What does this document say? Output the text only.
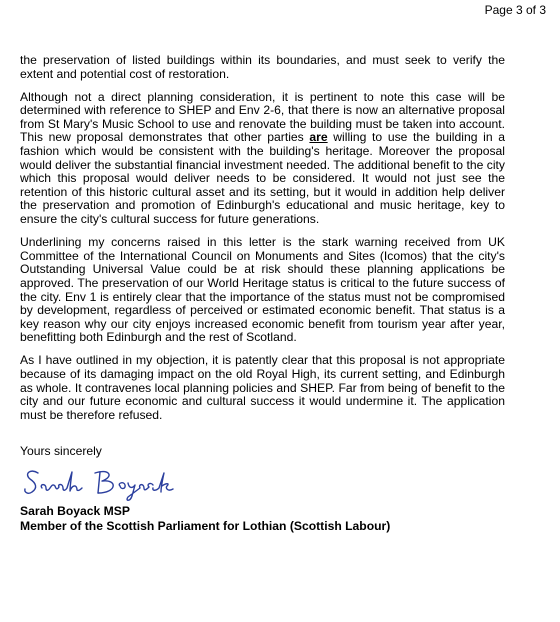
Page 3 of 3

the preservation of listed buildings within its boundaries, and must seek to verify the extent and potential cost of restoration.

Although not a direct planning consideration, it is pertinent to note this case will be determined with reference to SHEP and Env 2-6, that there is now an alternative proposal from St Mary's Music School to use and renovate the building must be taken into account. This new proposal demonstrates that other parties are willing to use the building in a fashion which would be consistent with the building's heritage. Moreover the proposal would deliver the substantial financial investment needed. The additional benefit to the city which this proposal would deliver needs to be considered. It would not just see the retention of this historic cultural asset and its setting, but it would in addition help deliver the preservation and promotion of Edinburgh's educational and music heritage, key to ensure the city's cultural success for future generations.

Underlining my concerns raised in this letter is the stark warning received from UK Committee of the International Council on Monuments and Sites (Icomos) that the city's Outstanding Universal Value could be at risk should these planning applications be approved. The preservation of our World Heritage status is critical to the future success of the city. Env 1 is entirely clear that the importance of the status must not be compromised by development, regardless of perceived or estimated economic benefit. That status is a key reason why our city enjoys increased economic benefit from tourism year after year, benefitting both Edinburgh and the rest of Scotland.

As I have outlined in my objection, it is patently clear that this proposal is not appropriate because of its damaging impact on the old Royal High, its current setting, and Edinburgh as whole. It contravenes local planning policies and SHEP. Far from being of benefit to the city and our future economic and cultural success it would undermine it. The application must be therefore refused.

Yours sincerely

Sarah Boyack MSP

Member of the Scottish Parliament for Lothian (Scottish Labour)
